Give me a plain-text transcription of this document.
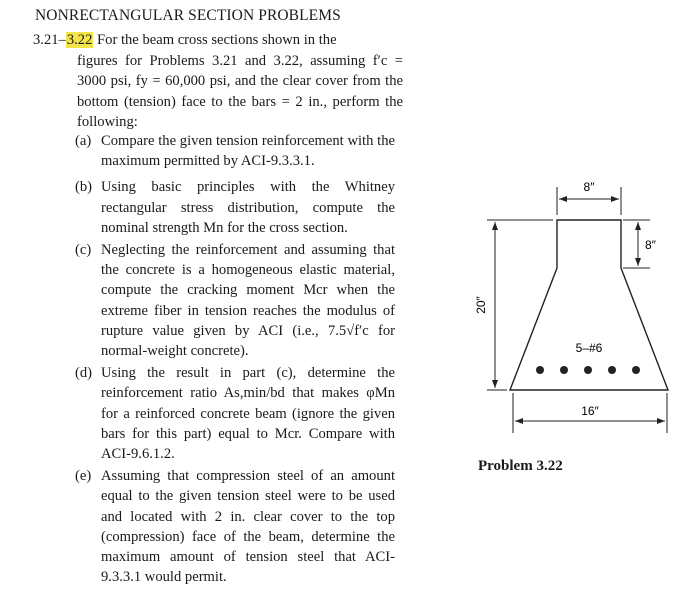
NONRECTANGULAR SECTION PROBLEMS
3.21–3.22 For the beam cross sections shown in the
figures for Problems 3.21 and 3.22, assuming f′c = 3000 psi, fy = 60,000 psi, and the clear cover from the bottom (tension) face to the bars = 2 in., perform the following:
(a) Compare the given tension reinforcement with the maximum permitted by ACI-9.3.3.1.
(b) Using basic principles with the Whitney rectangular stress distribution, compute the nominal strength Mn for the cross section.
(c) Neglecting the reinforcement and assuming that the concrete is a homogeneous elastic material, compute the cracking moment Mcr when the extreme fiber in tension reaches the modulus of rupture value given by ACI (i.e., 7.5√f′c for normal-weight concrete).
(d) Using the result in part (c), determine the reinforcement ratio As,min/bd that makes φMn for a reinforced concrete beam (ignore the given bars for this part) equal to Mcr. Compare with ACI-9.6.1.2.
(e) Assuming that compression steel of an amount equal to the given tension steel were to be used and located with 2 in. clear cover to the top (compression) face of the beam, determine the maximum amount of tension steel that ACI-9.3.3.1 would permit.
8″
8″
20″
5–#6
16″
Problem 3.22
